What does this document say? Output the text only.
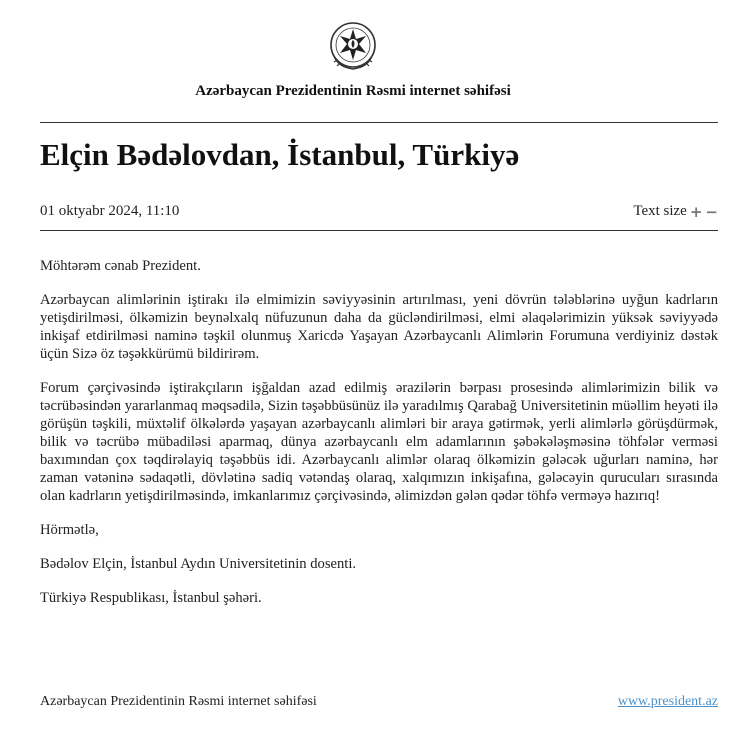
Azərbaycan Prezidentinin Rəsmi internet səhifəsi
Elçin Bədəlovdan, İstanbul, Türkiyə
01 oktyabr 2024, 11:10	Text size + −

Möhtərəm cənab Prezident.

Azərbaycan alimlərinin iştirakı ilə elmimizin səviyyəsinin artırılması, yeni dövrün tələblərinə uyğun kadrların yetişdirilməsi, ölkəmizin beynəlxalq nüfuzunun daha da gücləndirilməsi, elmi əlaqələrimizin yüksək səviyyədə inkişaf etdirilməsi naminə təşkil olunmuş Xaricdə Yaşayan Azərbaycanlı Alimlərin Forumuna verdiyiniz dəstək üçün Sizə öz təşəkkürümü bildirirəm.

Forum çərçivəsində iştirakçıların işğaldan azad edilmiş ərazilərin bərpası prosesində alimlərimizin bilik və təcrübəsindən yararlanmaq məqsədilə, Sizin təşəbbüsünüz ilə yaradılmış Qarabağ Universitetinin müəllim heyəti ilə görüşün təşkili, müxtəlif ölkələrdə yaşayan azərbaycanlı alimləri bir araya gətirmək, yerli alimlərlə görüşdürmək, bilik və təcrübə mübadiləsi aparmaq, dünya azərbaycanlı elm adamlarının şəbəkələşməsinə töhfələr verməsi baxımından çox təqdirəlayiq təşəbbüs idi. Azərbaycanlı alimlər olaraq ölkəmizin gələcək uğurları naminə, hər zaman vətəninə sədaqətli, dövlətinə sadiq vətəndaş olaraq, xalqımızın inkişafına, gələcəyin qurucuları sırasında olan kadrların yetişdirilməsində, imkanlarımız çərçivəsində, əlimizdən gələn qədər töhfə verməyə hazırıq!

Hörmətlə,

Bədəlov Elçin, İstanbul Aydın Universitetinin dosenti.

Türkiyə Respublikası, İstanbul şəhəri.

Azərbaycan Prezidentinin Rəsmi internet səhifəsi	www.president.az
